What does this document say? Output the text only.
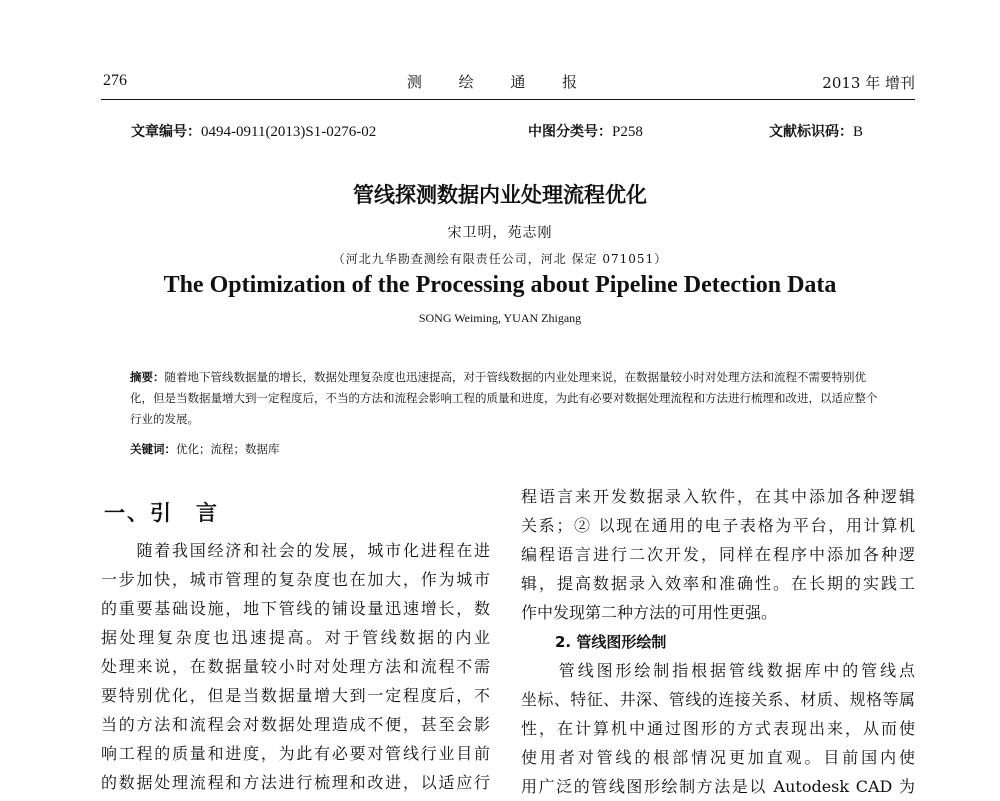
276	测 绘 通 报	2013 年 增刊
文章编号：0494-0911(2013)S1-0276-02	中图分类号：P258	文献标识码：B
管线探测数据内业处理流程优化
宋卫明，苑志刚
（河北九华勘查测绘有限责任公司，河北 保定 071051）
The Optimization of the Processing about Pipeline Detection Data
SONG Weiming, YUAN Zhigang
摘要：随着地下管线数据量的增长，数据处理复杂度也迅速提高，对于管线数据的内业处理来说，在数据量较小时对处理方法和流程不需要特别优化，但是当数据量增大到一定程度后，不当的方法和流程会影响工程的质量和进度，为此有必要对数据处理流程和方法进行梳理和改进，以适应整个行业的发展。
关键词：优化；流程；数据库
一、引　言
　　随着我国经济和社会的发展，城市化进程在进
一步加快，城市管理的复杂度也在加大，作为城市
的重要基础设施，地下管线的铺设量迅速增长，数
据处理复杂度也迅速提高。对于管线数据的内业
处理来说，在数据量较小时对处理方法和流程不需
要特别优化，但是当数据量增大到一定程度后，不
当的方法和流程会对数据处理造成不便，甚至会影
响工程的质量和进度，为此有必要对管线行业目前
的数据处理流程和方法进行梳理和改进，以适应行
程语言来开发数据录入软件，在其中添加各种逻辑
关系；② 以现在通用的电子表格为平台，用计算机
编程语言进行二次开发，同样在程序中添加各种逻
辑，提高数据录入效率和准确性。在长期的实践工
作中发现第二种方法的可用性更强。
2. 管线图形绘制
　　管线图形绘制指根据管线数据库中的管线点
坐标、特征、井深、管线的连接关系、材质、规格等属
性，在计算机中通过图形的方式表现出来，从而使
使用者对管线的根部情况更加直观。目前国内使
用广泛的管线图形绘制方法是以 Autodesk CAD 为
